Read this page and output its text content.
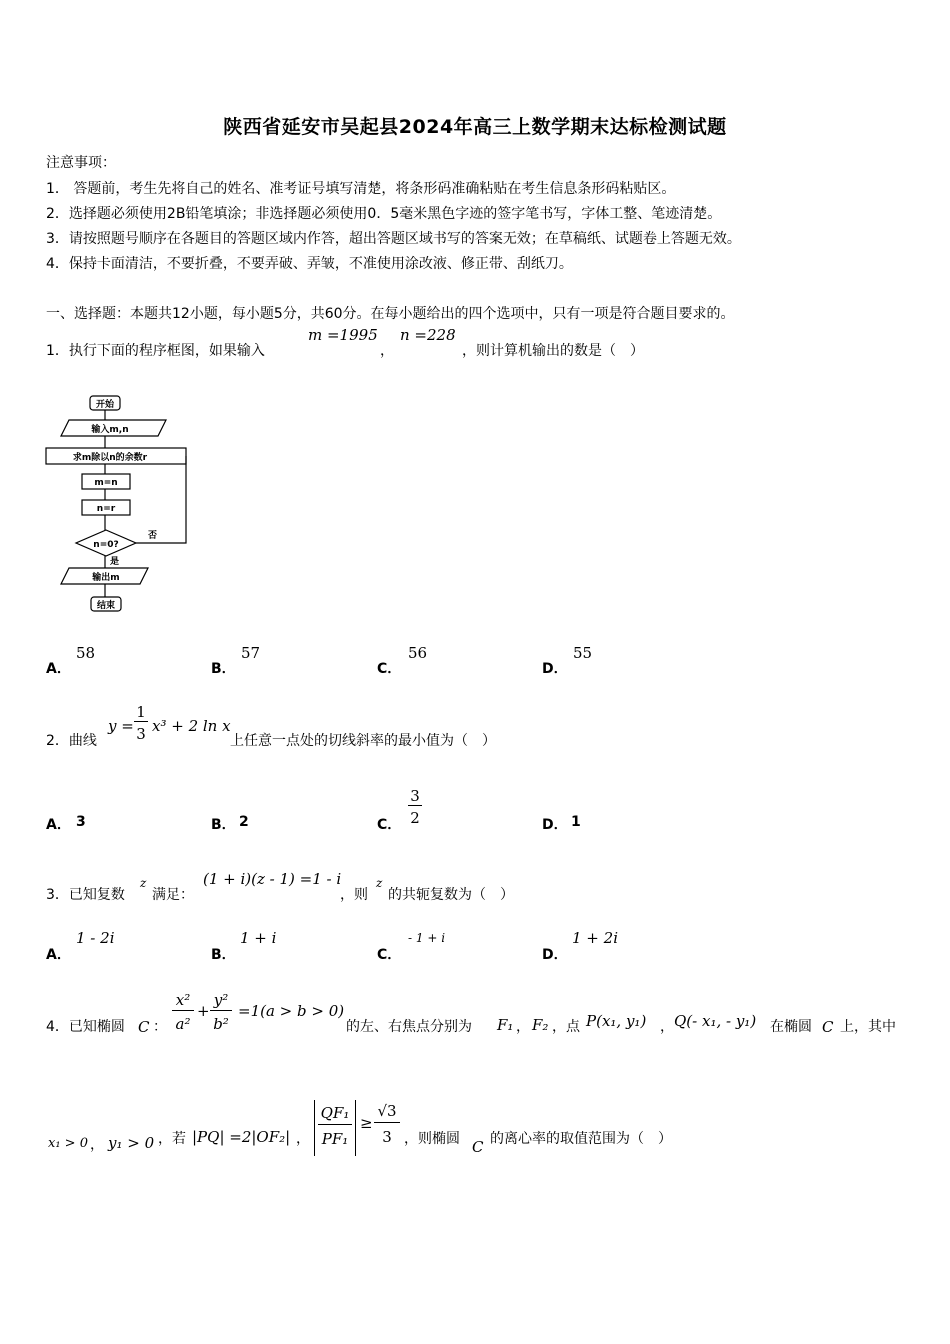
陕西省延安市吴起县2024年高三上数学期末达标检测试题
注意事项：
1． 答题前，考生先将自己的姓名、准考证号填写清楚，将条形码准确粘贴在考生信息条形码粘贴区。
2．选择题必须使用2B铅笔填涂；非选择题必须使用0．5毫米黑色字迹的签字笔书写，字体工整、笔迹清楚。
3．请按照题号顺序在各题目的答题区域内作答，超出答题区域书写的答案无效；在草稿纸、试题卷上答题无效。
4．保持卡面清洁，不要折叠，不要弄破、弄皱，不准使用涂改液、修正带、刮纸刀。
一、选择题：本题共12小题，每小题5分，共60分。在每小题给出的四个选项中，只有一项是符合题目要求的。
1．执行下面的程序框图，如果输入
m =1995
，
n =228
，则计算机输出的数是（　）
开始
输入m,n
求m除以n的余数r
m=n
n=r
n=0?
否
是
输出m
结束
A．
58
B．
57
C．
56
D．
55
2．曲线
y =
1
3 x³ + 2 ln x
上任意一点处的切线斜率的最小值为（　）
A． 3	B． 2	C．
3
2	D． 1
3．已知复数
z
满足：
(1 + i)(z - 1) =1 - i
，则
z
的共轭复数为（　）
A．
1 - 2i
B．
1 + i
C．
- 1 + i
D．
1 + 2i
4．已知椭圆 C ：
x²
a²
+
y²
b²
=1(a > b > 0)
的左、右焦点分别为 F₁ ， F₂ ，点 P(x₁, y₁) ， Q(- x₁, - y₁) 在椭圆 C 上，其中
x₁ > 0 ， y₁ > 0 ，若 |PQ| =2|OF₂| ，
QF₁
PF₁
≥
√3
3 ，则椭圆 C 的离心率的取值范围为（　）
